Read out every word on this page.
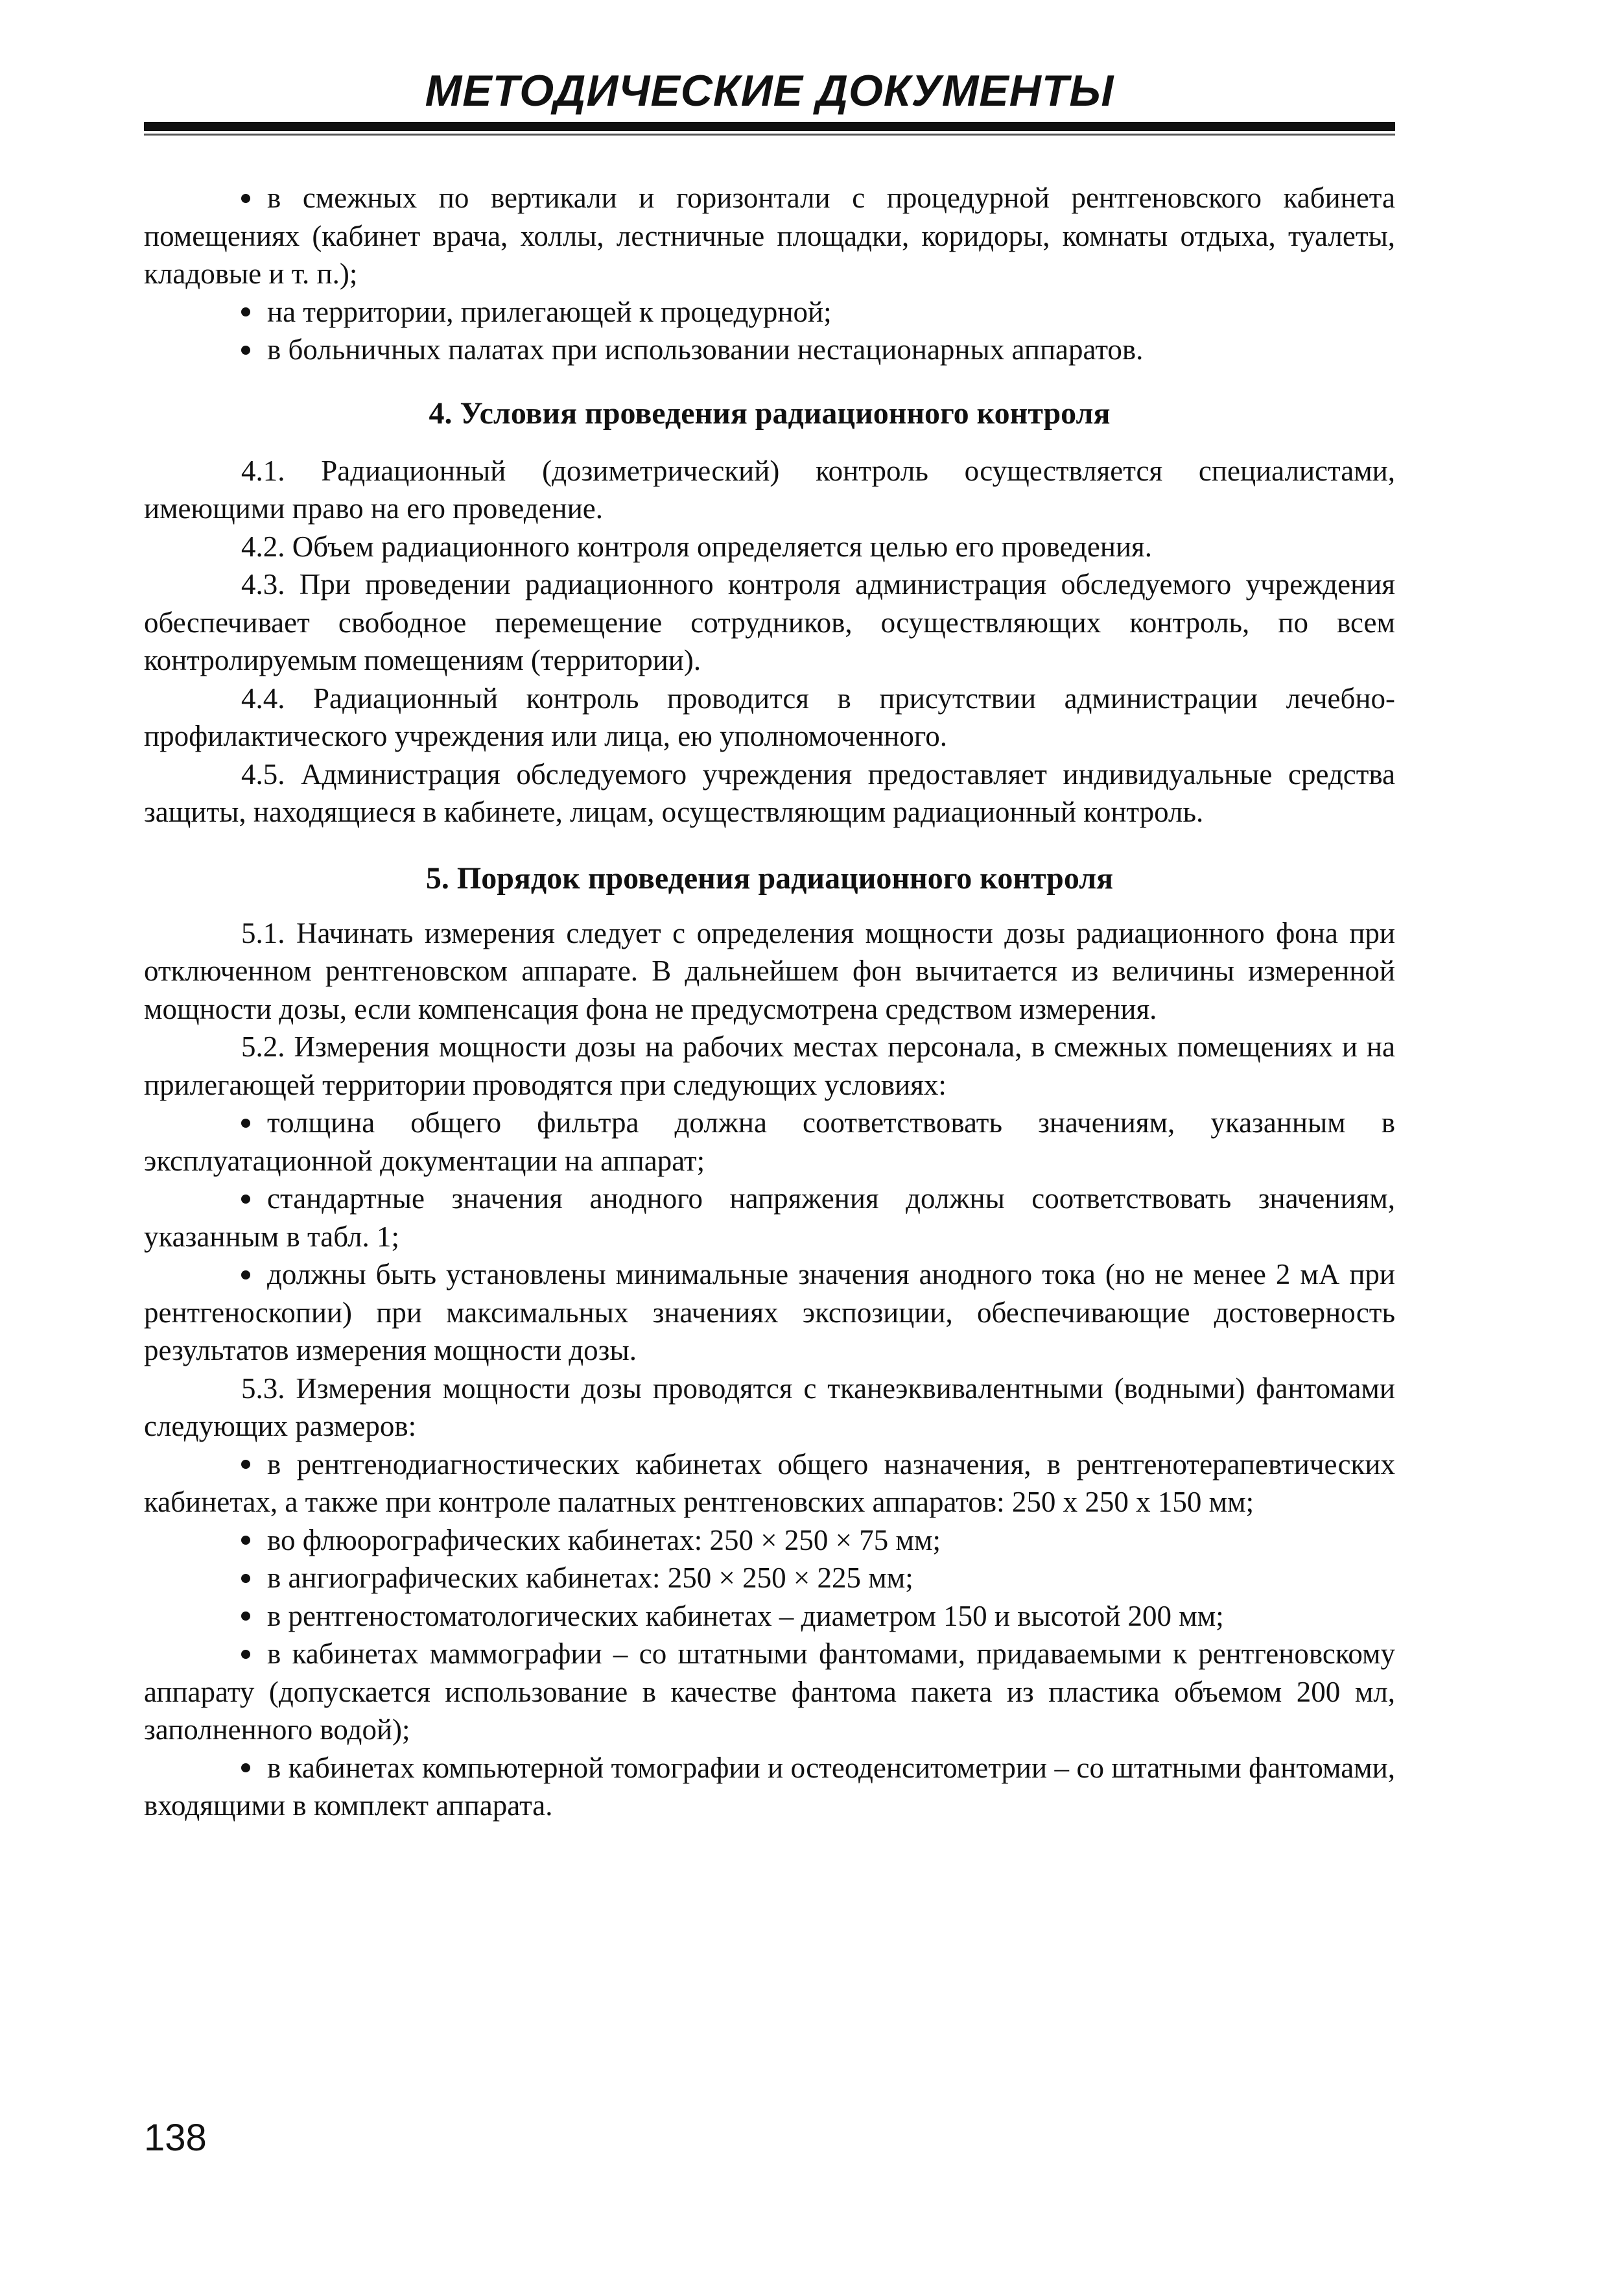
МЕТОДИЧЕСКИЕ ДОКУМЕНТЫ

в смежных по вертикали и горизонтали с процедурной рентгеновского кабинета помещениях (кабинет врача, холлы, лестничные площадки, коридоры, комнаты отдыха, туалеты, кладовые и т. п.);

на территории, прилегающей к процедурной;

в больничных палатах при использовании нестационарных аппаратов.

4. Условия проведения радиационного контроля

4.1. Радиационный (дозиметрический) контроль осуществляется специалистами, имеющими право на его проведение.

4.2. Объем радиационного контроля определяется целью его проведения.

4.3. При проведении радиационного контроля администрация обследуемого учреждения обеспечивает свободное перемещение сотрудников, осуществляющих контроль, по всем контролируемым помещениям (территории).

4.4. Радиационный контроль проводится в присутствии администрации лечебно-профилактического учреждения или лица, ею уполномоченного.

4.5. Администрация обследуемого учреждения предоставляет индивидуальные средства защиты, находящиеся в кабинете, лицам, осуществляющим радиационный контроль.

5. Порядок проведения радиационного контроля

5.1. Начинать измерения следует с определения мощности дозы радиационного фона при отключенном рентгеновском аппарате. В дальнейшем фон вычитается из величины измеренной мощности дозы, если компенсация фона не предусмотрена средством измерения.

5.2. Измерения мощности дозы на рабочих местах персонала, в смежных помещениях и на прилегающей территории проводятся при следующих условиях:

толщина общего фильтра должна соответствовать значениям, указанным в эксплуатационной документации на аппарат;

стандартные значения анодного напряжения должны соответствовать значениям, указанным в табл. 1;

должны быть установлены минимальные значения анодного тока (но не менее 2 мА при рентгеноскопии) при максимальных значениях экспозиции, обеспечивающие достоверность результатов измерения мощности дозы.

5.3. Измерения мощности дозы проводятся с тканеэквивалентными (водными) фантомами следующих размеров:

в рентгенодиагностических кабинетах общего назначения, в рентгенотерапевтических кабинетах, а также при контроле палатных рентгеновских аппаратов: 250 х 250 х 150 мм;

во флюорографических кабинетах: 250 × 250 × 75 мм;

в ангиографических кабинетах: 250 × 250 × 225 мм;

в рентгеностоматологических кабинетах – диаметром 150 и высотой 200 мм;

в кабинетах маммографии – со штатными фантомами, придаваемыми к рентгеновскому аппарату (допускается использование в качестве фантома пакета из пластика объемом 200 мл, заполненного водой);

в кабинетах компьютерной томографии и остеоденситометрии – со штатными фантомами, входящими в комплект аппарата.

138
